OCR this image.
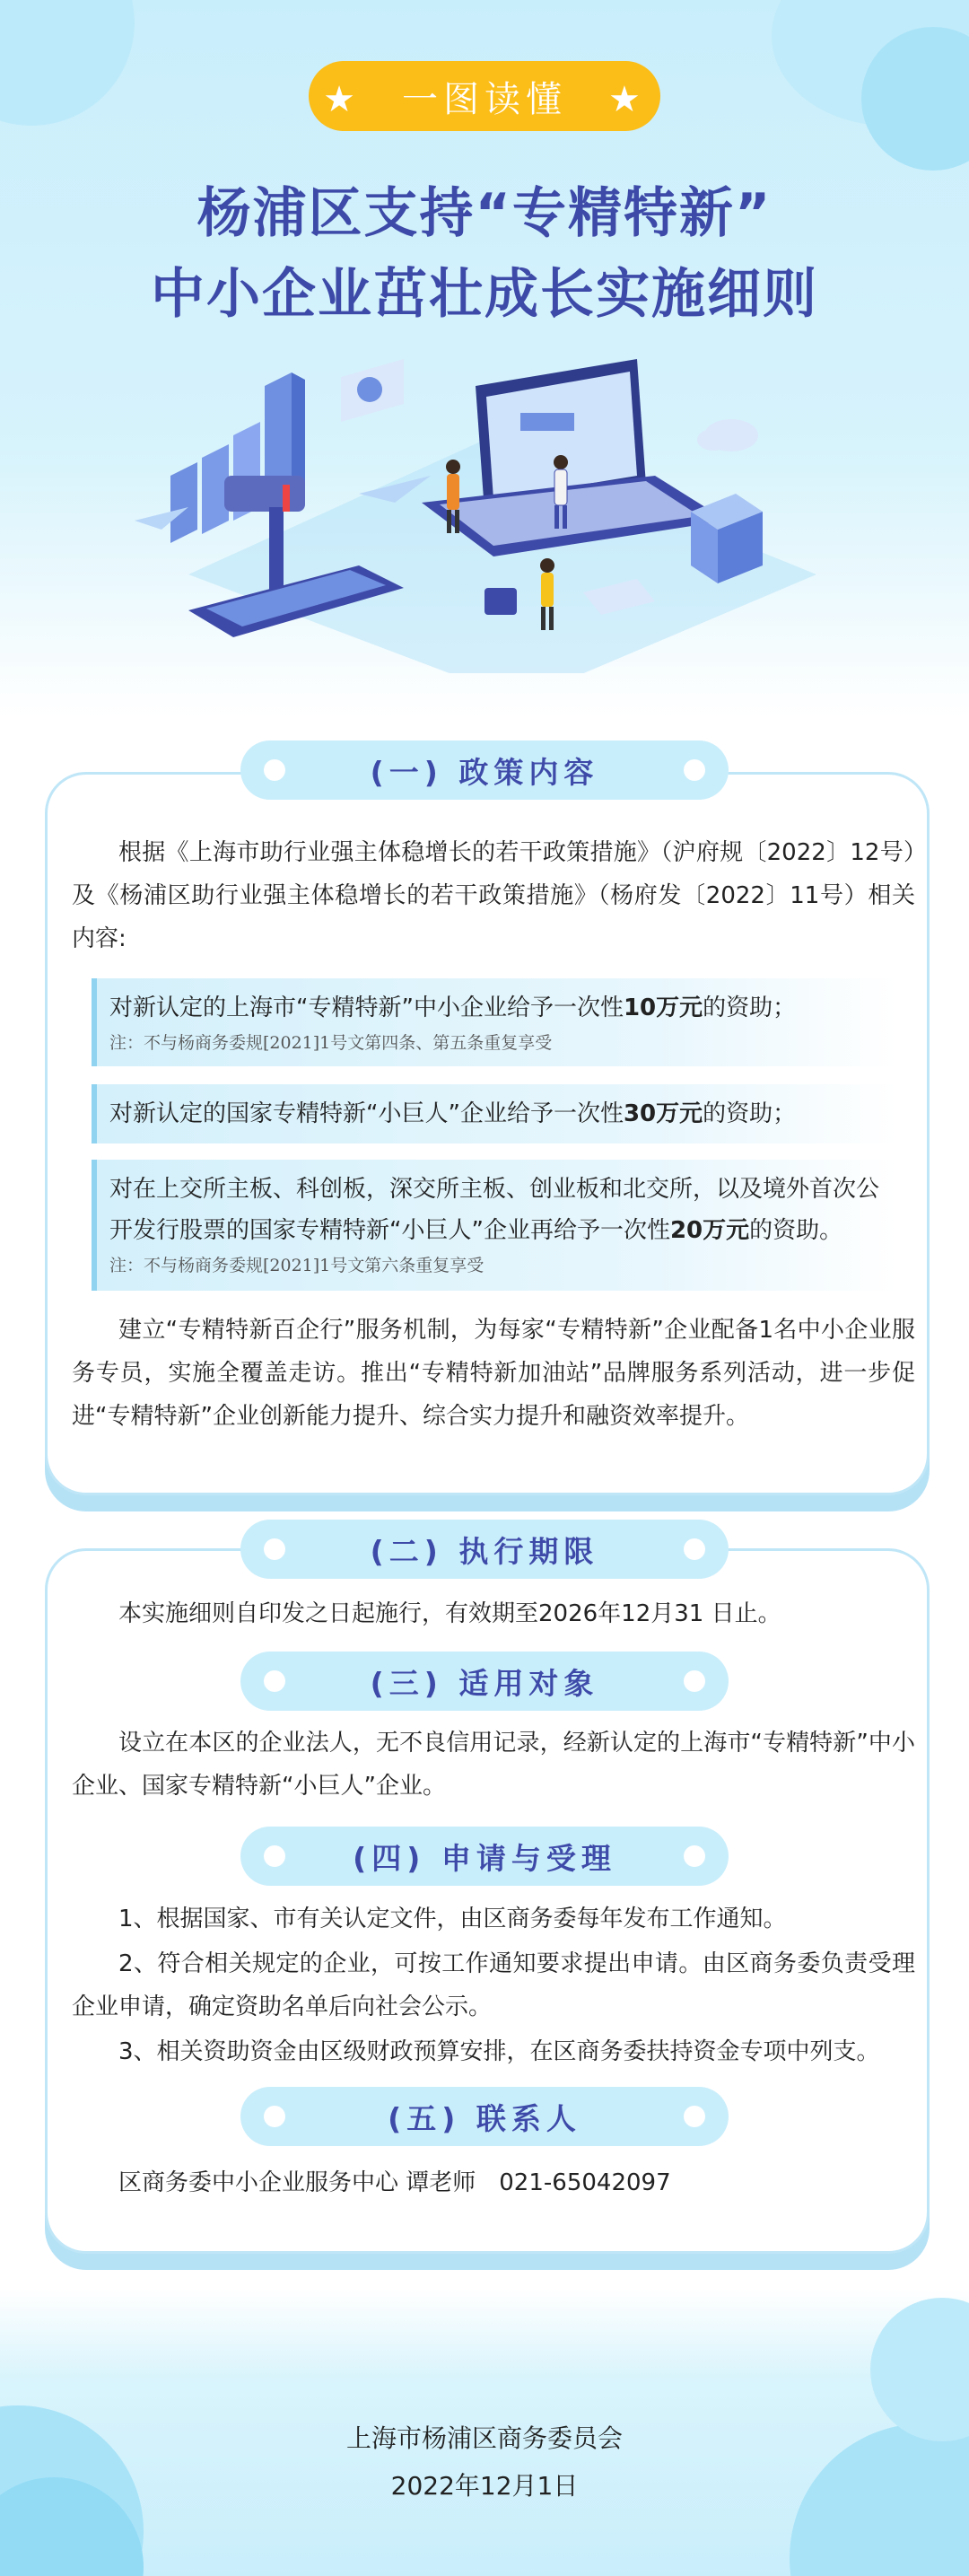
★　一图读懂　★
杨浦区支持“专精特新”
中小企业茁壮成长实施细则
(一) 政策内容
根据《上海市助行业强主体稳增长的若干政策措施》（沪府规〔2022〕12号）及《杨浦区助行业强主体稳增长的若干政策措施》（杨府发〔2022〕11号）相关内容:
对新认定的上海市“专精特新”中小企业给予一次性10万元的资助；
注：不与杨商务委规[2021]1号文第四条、第五条重复享受
对新认定的国家专精特新“小巨人”企业给予一次性30万元的资助；
对在上交所主板、科创板，深交所主板、创业板和北交所，以及境外首次公开发行股票的国家专精特新“小巨人”企业再给予一次性20万元的资助。
注：不与杨商务委规[2021]1号文第六条重复享受
建立“专精特新百企行”服务机制，为每家“专精特新”企业配备1名中小企业服务专员，实施全覆盖走访。推出“专精特新加油站”品牌服务系列活动，进一步促进“专精特新”企业创新能力提升、综合实力提升和融资效率提升。
(二) 执行期限
本实施细则自印发之日起施行，有效期至2026年12月31 日止。
(三) 适用对象
设立在本区的企业法人，无不良信用记录，经新认定的上海市“专精特新”中小企业、国家专精特新“小巨人”企业。
(四) 申请与受理
1、根据国家、市有关认定文件，由区商务委每年发布工作通知。
2、符合相关规定的企业，可按工作通知要求提出申请。由区商务委负责受理企业申请，确定资助名单后向社会公示。
3、相关资助资金由区级财政预算安排，在区商务委扶持资金专项中列支。
(五) 联系人
区商务委中小企业服务中心 谭老师　021-65042097
上海市杨浦区商务委员会
2022年12月1日
